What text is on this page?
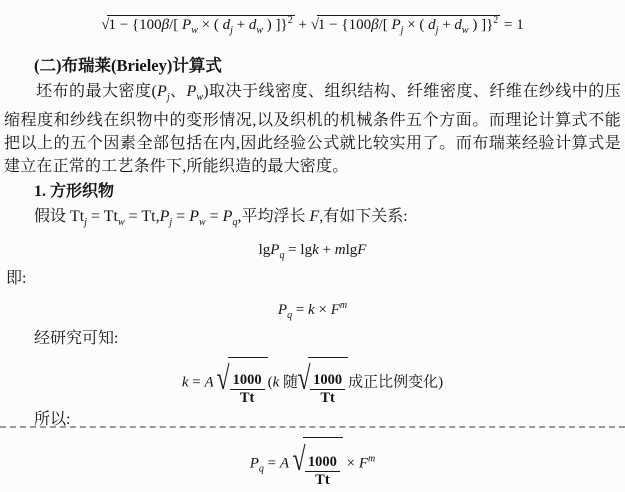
√1 − {100β/[ $P_w$ × ( $d_j + d_w$ ) ]}$^2$ + √1 − {100β/[ $P_j$ × ( $d_j + d_w$ ) ]}$^2$ = 1
(二)布瑞莱(Brieley)计算式

坯布的最大密度($P_j$、$P_w$)取决于线密度、组织结构、纤维密度、纤维在纱线中的压缩程度和纱线在织物中的变形情况,以及织机的机械条件五个方面。而理论计算式不能把以上的五个因素全部包括在内,因此经验公式就比较实用了。而布瑞莱经验计算式是建立在正常的工艺条件下,所能织造的最大密度。

1. 方形织物
假设 $Tt_j = Tt_w = Tt,P_j = P_w = P_q$,平均浮长 F,有如下关系:
lgP$_q$ = lgk + mlgF
即:
$P_q = k \times F^m$
经研究可知:
k = A √ $\frac{1000}{Tt} (k$ 随√ $\frac{1000}{Tt}$ 成正比例变化)
所以:
$P_q = A$ √ $\frac{1000}{Tt} \times F^m$
